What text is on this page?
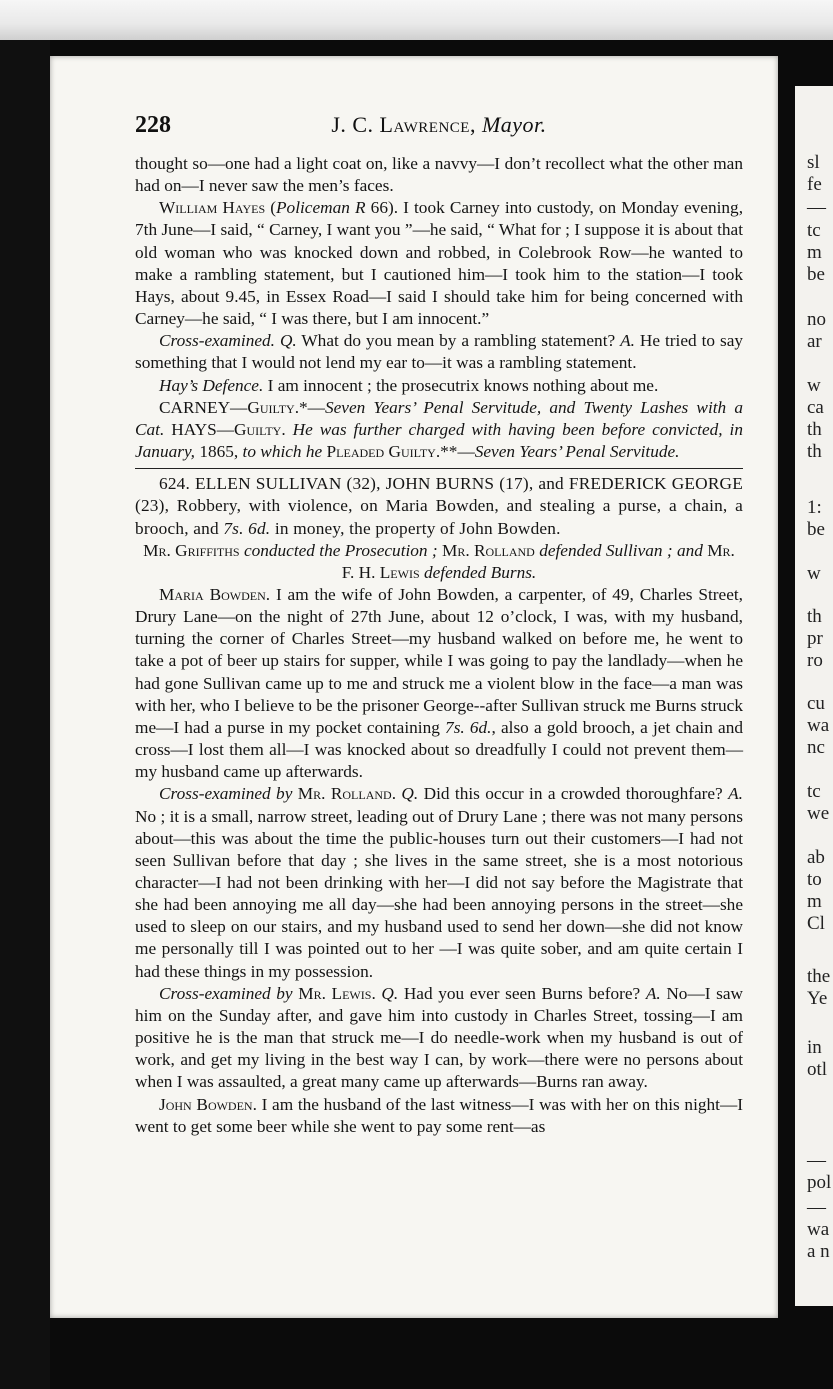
sl
fe
—
tc
m
be
no
ar
w
ca
th
th
1:
be
w
th
pr
ro
cu
wa
nc
tc
we
ab
to
m
Cl
the
Ye
in
otl
—
pol
—
wa
a n
228	J. C. Lawrence, Mayor.

thought so—one had a light coat on, like a navvy—I don’t recollect what the other man had on—I never saw the men’s faces.

William Hayes (Policeman R 66). I took Carney into custody, on Monday evening, 7th June—I said, “ Carney, I want you ”—he said, “ What for ; I suppose it is about that old woman who was knocked down and robbed, in Colebrook Row—he wanted to make a rambling statement, but I cautioned him—I took him to the station—I took Hays, about 9.45, in Essex Road—I said I should take him for being concerned with Carney—he said, “ I was there, but I am innocent.”

Cross-examined. Q. What do you mean by a rambling statement? A. He tried to say something that I would not lend my ear to—it was a rambling statement.

Hay’s Defence. I am innocent ; the prosecutrix knows nothing about me.

CARNEY—Guilty.*—Seven Years’ Penal Servitude, and Twenty Lashes with a Cat. HAYS—Guilty. He was further charged with having been before convicted, in January, 1865, to which he Pleaded Guilty.**—Seven Years’ Penal Servitude.

624. ELLEN SULLIVAN (32), JOHN BURNS (17), and FREDERICK GEORGE (23), Robbery, with violence, on Maria Bowden, and stealing a purse, a chain, a brooch, and 7s. 6d. in money, the property of John Bowden.

Mr. Griffiths conducted the Prosecution ; Mr. Rolland defended Sullivan ; and Mr. F. H. Lewis defended Burns.

Maria Bowden. I am the wife of John Bowden, a carpenter, of 49, Charles Street, Drury Lane—on the night of 27th June, about 12 o’clock, I was, with my husband, turning the corner of Charles Street—my husband walked on before me, he went to take a pot of beer up stairs for supper, while I was going to pay the landlady—when he had gone Sullivan came up to me and struck me a violent blow in the face—a man was with her, who I believe to be the prisoner George--after Sullivan struck me Burns struck me—I had a purse in my pocket containing 7s. 6d., also a gold brooch, a jet chain and cross—I lost them all—I was knocked about so dreadfully I could not prevent them—my husband came up afterwards.

Cross-examined by Mr. Rolland. Q. Did this occur in a crowded thoroughfare? A. No ; it is a small, narrow street, leading out of Drury Lane ; there was not many persons about—this was about the time the public-houses turn out their customers—I had not seen Sullivan before that day ; she lives in the same street, she is a most notorious character—I had not been drinking with her—I did not say before the Magistrate that she had been annoying me all day—she had been annoying persons in the street—she used to sleep on our stairs, and my husband used to send her down—she did not know me personally till I was pointed out to her —I was quite sober, and am quite certain I had these things in my possession.

Cross-examined by Mr. Lewis. Q. Had you ever seen Burns before? A. No—I saw him on the Sunday after, and gave him into custody in Charles Street, tossing—I am positive he is the man that struck me—I do needle-work when my husband is out of work, and get my living in the best way I can, by work—there were no persons about when I was assaulted, a great many came up afterwards—Burns ran away.

John Bowden. I am the husband of the last witness—I was with her on this night—I went to get some beer while she went to pay some rent—as
